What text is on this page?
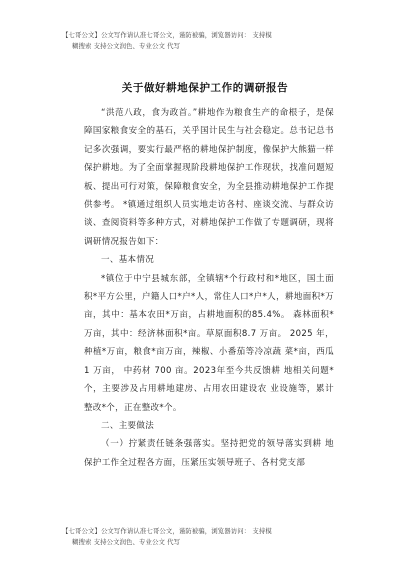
【七哥公文】公文写作请认准七哥公文，谨防被骗，浏览器访问： 支持模
糊搜索 支持公文润色、专业公文 代写
关于做好耕地保护工作的调研报告

“洪范八政，食为政首。”耕地作为粮食生产的命根子，是保障国家粮食安全的基石，关乎国计民生与社会稳定。总书记总书记多次强调，要实行最严格的耕地保护制度，像保护大熊猫一样保护耕地。为了全面掌握现阶段耕地保护工作现状，找准问题短板、提出可行对策，保障粮食安全，为全县推动耕地保护工作提供参考。 *镇通过组织人员实地走访各村、座谈交流、与群众访谈、查阅资料等多种方式，对耕地保护工作做了专题调研，现将调研情况报告如下：

一、基本情况

*镇位于中宁县城东部，全镇辖*个行政村和*地区，国土面积*平方公里，户籍人口*户*人，常住人口*户*人，耕地面积*万亩，其中：基本农田*万亩，占耕地面积的85.4%。 森林面积*万亩，其中：经济林面积*亩。草原面积8.7 万亩。 2025 年，种植*万亩，粮食*亩万亩，辣椒、小番茄等冷凉蔬 菜*亩，西瓜 1 万亩， 中药材 700 亩。2023年至今共反馈耕 地相关问题*个，主要涉及占用耕地建房、占用农田建设农 业设施等，累计整改*个，正在整改*个。

二、主要做法

（一）拧紧责任链条强落实。坚持把党的领导落实到耕 地保护工作全过程各方面，压紧压实领导班子、各村党支部

【七哥公文】公文写作请认准七哥公文，谨防被骗，浏览器访问： 支持模
糊搜索 支持公文润色、专业公文 代写
